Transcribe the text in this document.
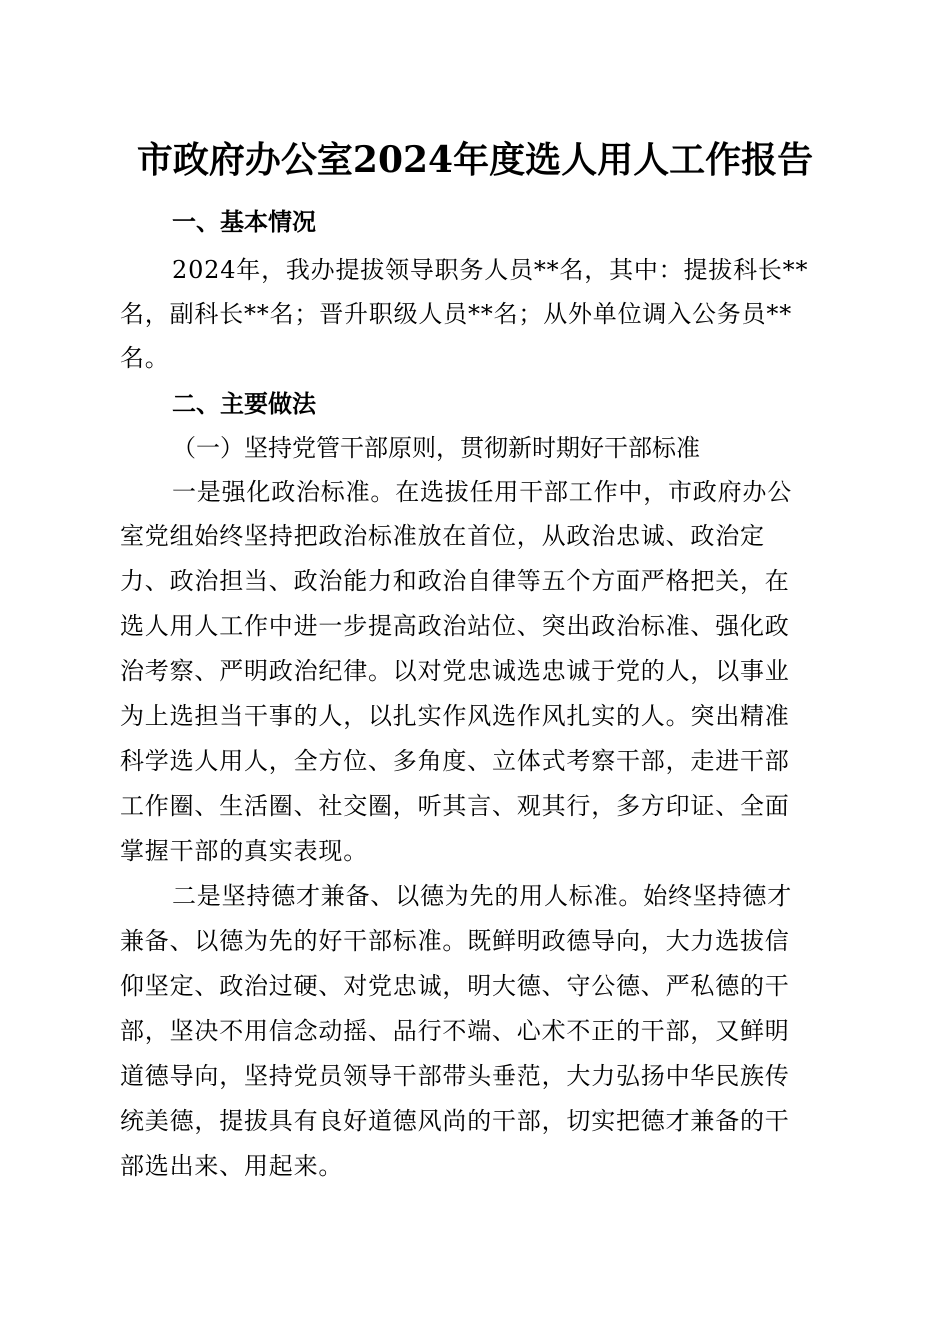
市政府办公室2024年度选人用人工作报告
一、基本情况
2024年，我办提拔领导职务人员**名，其中：提拔科长**
名，副科长**名；晋升职级人员**名；从外单位调入公务员**
名。
二、主要做法
（一）坚持党管干部原则，贯彻新时期好干部标准
一是强化政治标准。在选拔任用干部工作中，市政府办公
室党组始终坚持把政治标准放在首位，从政治忠诚、政治定
力、政治担当、政治能力和政治自律等五个方面严格把关，在
选人用人工作中进一步提高政治站位、突出政治标准、强化政
治考察、严明政治纪律。以对党忠诚选忠诚于党的人，以事业
为上选担当干事的人，以扎实作风选作风扎实的人。突出精准
科学选人用人，全方位、多角度、立体式考察干部，走进干部
工作圈、生活圈、社交圈，听其言、观其行，多方印证、全面
掌握干部的真实表现。
二是坚持德才兼备、以德为先的用人标准。始终坚持德才
兼备、以德为先的好干部标准。既鲜明政德导向，大力选拔信
仰坚定、政治过硬、对党忠诚，明大德、守公德、严私德的干
部，坚决不用信念动摇、品行不端、心术不正的干部，又鲜明
道德导向，坚持党员领导干部带头垂范，大力弘扬中华民族传
统美德，提拔具有良好道德风尚的干部，切实把德才兼备的干
部选出来、用起来。
